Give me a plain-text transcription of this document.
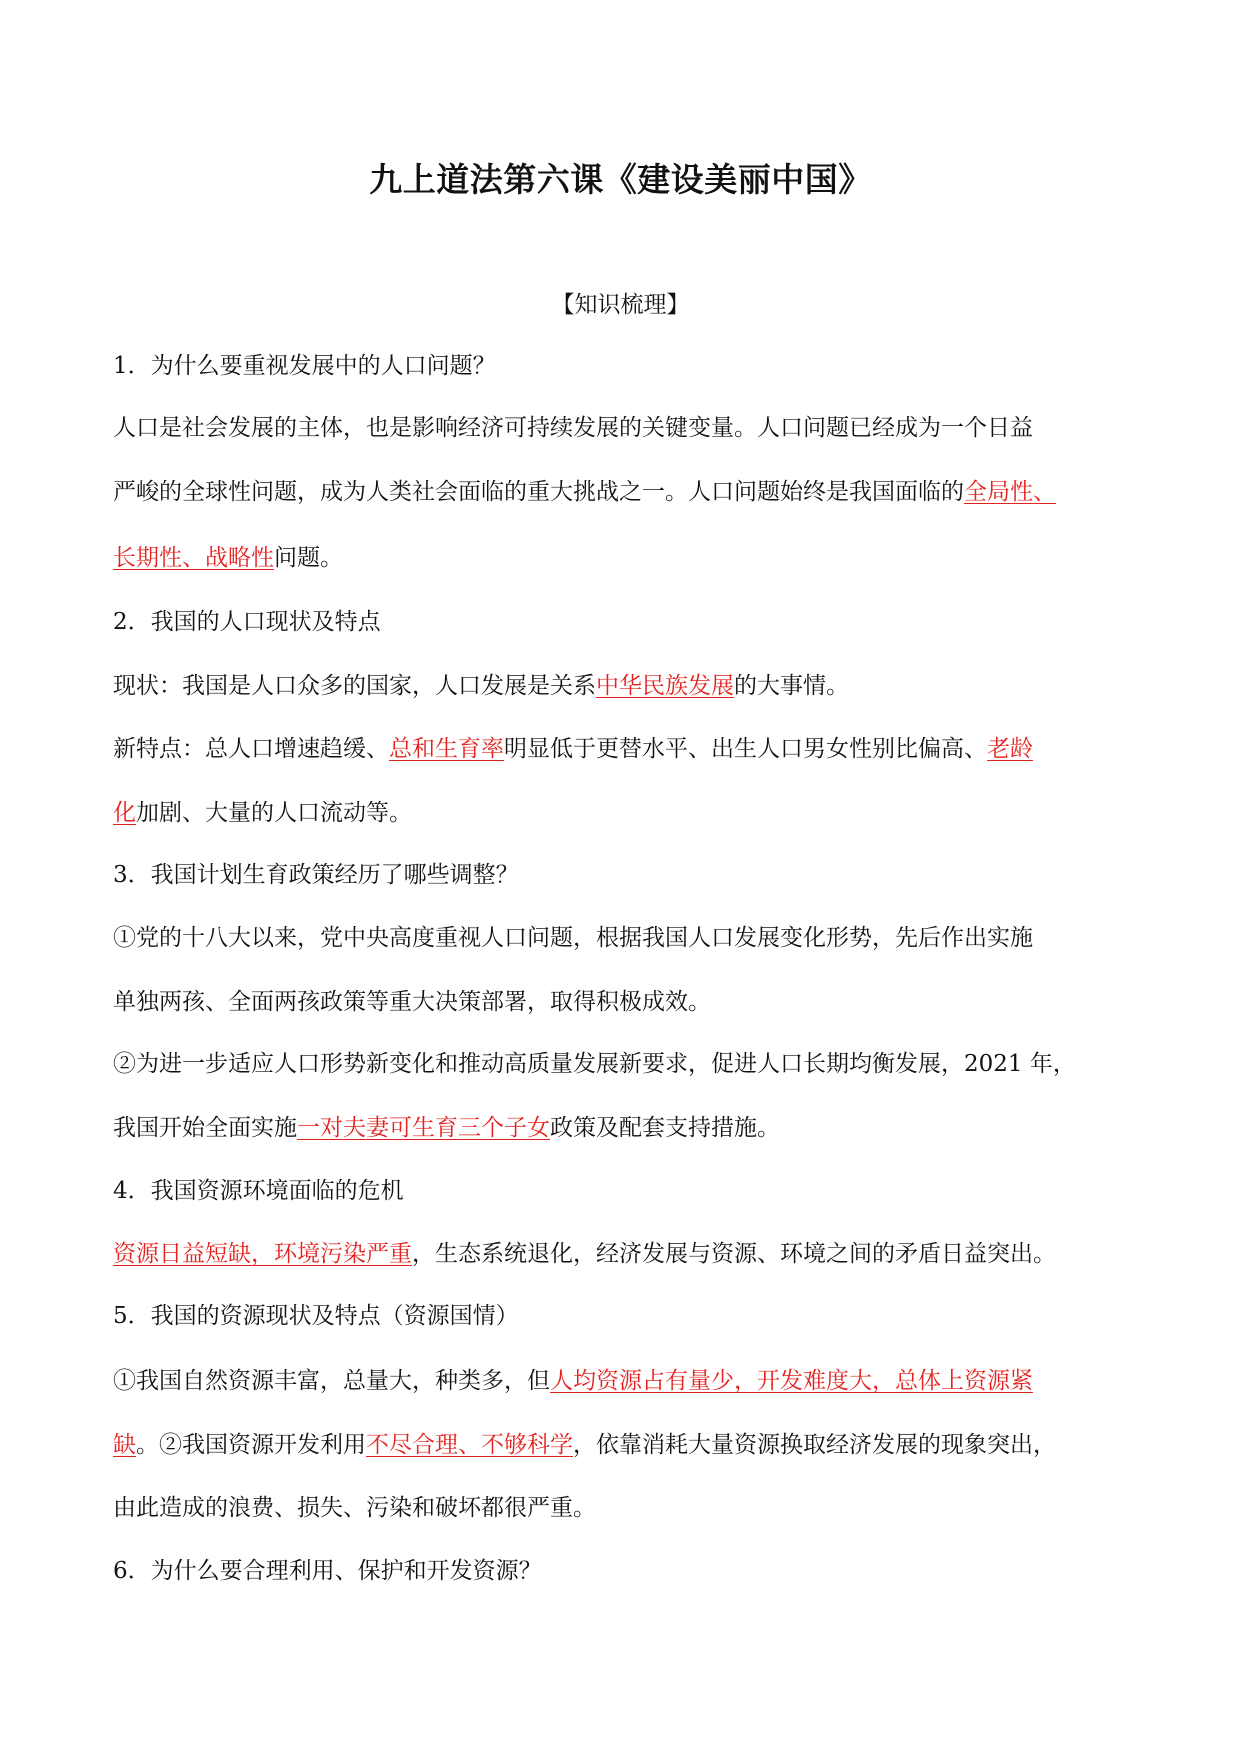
九上道法第六课《建设美丽中国》
【知识梳理】
1．为什么要重视发展中的人口问题？
人口是社会发展的主体，也是影响经济可持续发展的关键变量。人口问题已经成为一个日益
严峻的全球性问题，成为人类社会面临的重大挑战之一。人口问题始终是我国面临的全局性、
长期性、战略性问题。
2．我国的人口现状及特点
现状：我国是人口众多的国家，人口发展是关系中华民族发展的大事情。
新特点：总人口增速趋缓、总和生育率明显低于更替水平、出生人口男女性别比偏高、老龄
化加剧、大量的人口流动等。
3．我国计划生育政策经历了哪些调整？
①党的十八大以来，党中央高度重视人口问题，根据我国人口发展变化形势，先后作出实施
单独两孩、全面两孩政策等重大决策部署，取得积极成效。
②为进一步适应人口形势新变化和推动高质量发展新要求，促进人口长期均衡发展，2021 年，
我国开始全面实施一对夫妻可生育三个子女政策及配套支持措施。
4．我国资源环境面临的危机
资源日益短缺，环境污染严重，生态系统退化，经济发展与资源、环境之间的矛盾日益突出。
5．我国的资源现状及特点（资源国情）
①我国自然资源丰富，总量大，种类多，但人均资源占有量少，开发难度大，总体上资源紧
缺。②我国资源开发利用不尽合理、不够科学，依靠消耗大量资源换取经济发展的现象突出，
由此造成的浪费、损失、污染和破坏都很严重。
6．为什么要合理利用、保护和开发资源？
